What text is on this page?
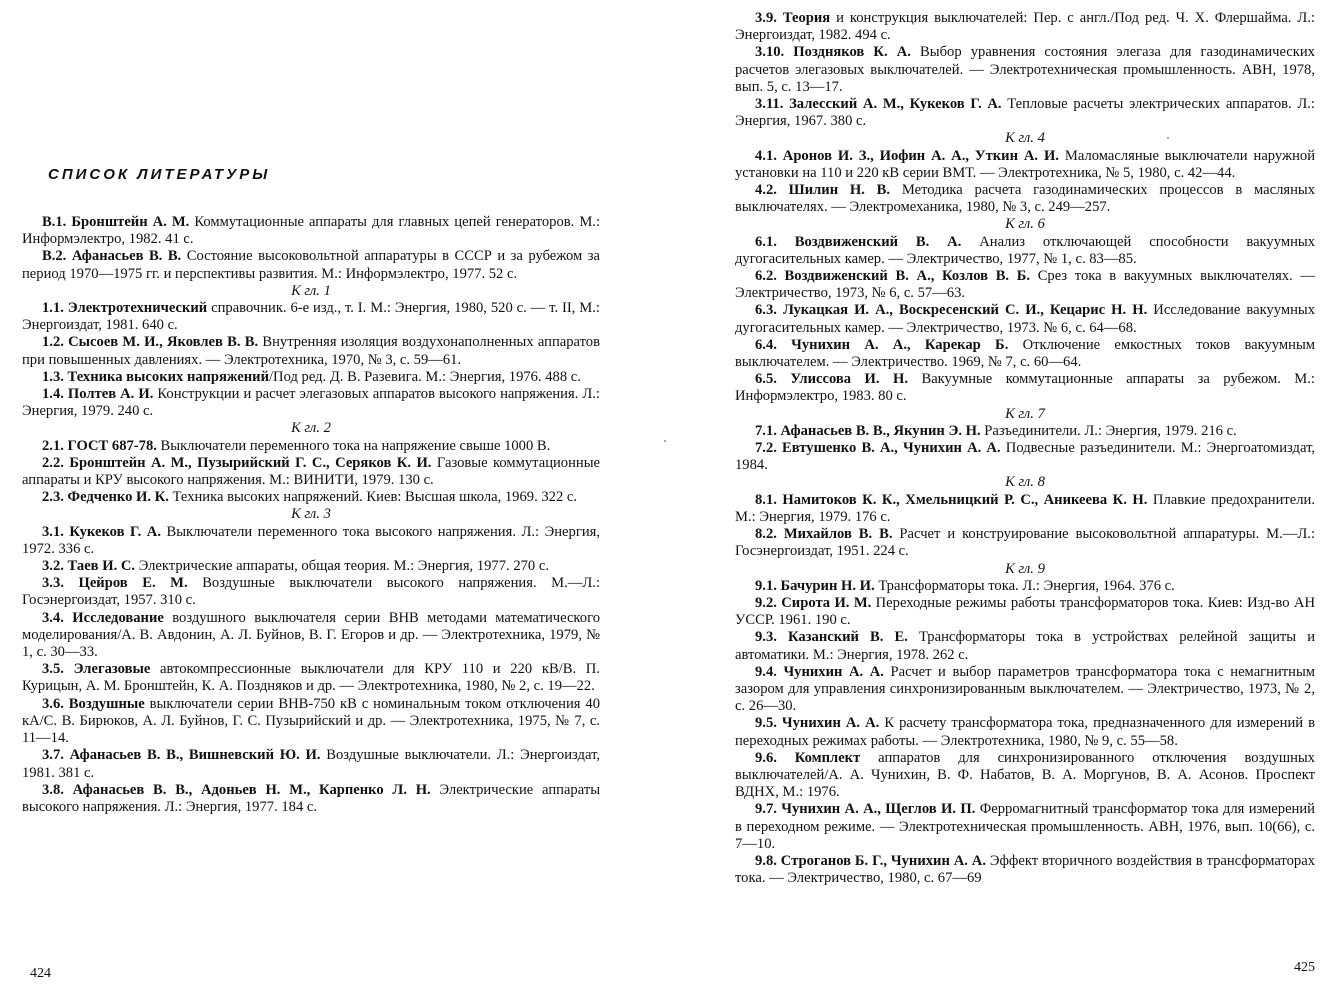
СПИСОК ЛИТЕРАТУРЫ

В.1. Бронштейн А. М. Коммутационные аппараты для главных цепей генераторов. М.: Информэлектро, 1982. 41 с.

В.2. Афанасьев В. В. Состояние высоковольтной аппаратуры в СССР и за рубежом за период 1970—1975 гг. и перспективы развития. М.: Информэлектро, 1977. 52 с.

К гл. 1

1.1. Электротехнический справочник. 6-е изд., т. I. М.: Энергия, 1980, 520 с. — т. II, М.: Энергоиздат, 1981. 640 с.

1.2. Сысоев М. И., Яковлев В. В. Внутренняя изоляция воздухонаполненных аппаратов при повышенных давлениях. — Электротехника, 1970, № 3, с. 59—61.

1.3. Техника высоких напряжений/Под ред. Д. В. Разевига. М.: Энергия, 1976. 488 с.

1.4. Полтев А. И. Конструкции и расчет элегазовых аппаратов высокого напряжения. Л.: Энергия, 1979. 240 с.

К гл. 2

2.1. ГОСТ 687-78. Выключатели переменного тока на напряжение свыше 1000 В.

2.2. Бронштейн А. М., Пузырийский Г. С., Серяков К. И. Газовые коммутационные аппараты и КРУ высокого напряжения. М.: ВИНИТИ, 1979. 130 с.

2.3. Федченко И. К. Техника высоких напряжений. Киев: Высшая школа, 1969. 322 с.

К гл. 3

3.1. Кукеков Г. А. Выключатели переменного тока высокого напряжения. Л.: Энергия, 1972. 336 с.

3.2. Таев И. С. Электрические аппараты, общая теория. М.: Энергия, 1977. 270 с.

3.3. Цейров Е. М. Воздушные выключатели высокого напряжения. М.—Л.: Госэнергоиздат, 1957. 310 с.

3.4. Исследование воздушного выключателя серии ВНВ методами математического моделирования/А. В. Авдонин, А. Л. Буйнов, В. Г. Егоров и др. — Электротехника, 1979, № 1, с. 30—33.

3.5. Элегазовые автокомпрессионные выключатели для КРУ 110 и 220 кВ/В. П. Курицын, А. М. Бронштейн, К. А. Поздняков и др. — Электротехника, 1980, № 2, с. 19—22.

3.6. Воздушные выключатели серии ВНВ-750 кВ с номинальным током отключения 40 кА/С. В. Бирюков, А. Л. Буйнов, Г. С. Пузырийский и др. — Электротехника, 1975, № 7, с. 11—14.

3.7. Афанасьев В. В., Вишневский Ю. И. Воздушные выключатели. Л.: Энергоиздат, 1981. 381 с.

3.8. Афанасьев В. В., Адоньев Н. М., Карпенко Л. Н. Электрические аппараты высокого напряжения. Л.: Энергия, 1977. 184 с.

424

3.9. Теория и конструкция выключателей: Пер. с англ./Под ред. Ч. Х. Флершайма. Л.: Энергоиздат, 1982. 494 с.

3.10. Поздняков К. А. Выбор уравнения состояния элегаза для газодинамических расчетов элегазовых выключателей. — Электротехническая промышленность. АВН, 1978, вып. 5, с. 13—17.

3.11. Залесский А. М., Кукеков Г. А. Тепловые расчеты электрических аппаратов. Л.: Энергия, 1967. 380 с.

К гл. 4

4.1. Аронов И. З., Иофин А. А., Уткин А. И. Маломасляные выключатели наружной установки на 110 и 220 кВ серии ВМТ. — Электротехника, № 5, 1980, с. 42—44.

4.2. Шилин Н. В. Методика расчета газодинамических процессов в масляных выключателях. — Электромеханика, 1980, № 3, с. 249—257.

К гл. 6

6.1. Воздвиженский В. А. Анализ отключающей способности вакуумных дугогасительных камер. — Электричество, 1977, № 1, с. 83—85.

6.2. Воздвиженский В. А., Козлов В. Б. Срез тока в вакуумных выключателях. — Электричество, 1973, № 6, с. 57—63.

6.3. Лукацкая И. А., Воскресенский С. И., Кецарис Н. Н. Исследование вакуумных дугогасительных камер. — Электричество, 1973. № 6, с. 64—68.

6.4. Чунихин А. А., Карекар Б. Отключение емкостных токов вакуумным выключателем. — Электричество. 1969, № 7, с. 60—64.

6.5. Улиссова И. Н. Вакуумные коммутационные аппараты за рубежом. М.: Информэлектро, 1983. 80 с.

К гл. 7

7.1. Афанасьев В. В., Якунин Э. Н. Разъединители. Л.: Энергия, 1979. 216 с.

7.2. Евтушенко В. А., Чунихин А. А. Подвесные разъединители. М.: Энергоатомиздат, 1984.

К гл. 8

8.1. Намитоков К. К., Хмельницкий Р. С., Аникеева К. Н. Плавкие предохранители. М.: Энергия, 1979. 176 с.

8.2. Михайлов В. В. Расчет и конструирование высоковольтной аппаратуры. М.—Л.: Госэнергоиздат, 1951. 224 с.

К гл. 9

9.1. Бачурин Н. И. Трансформаторы тока. Л.: Энергия, 1964. 376 с.

9.2. Сирота И. М. Переходные режимы работы трансформаторов тока. Киев: Изд-во АН УССР. 1961. 190 с.

9.3. Казанский В. Е. Трансформаторы тока в устройствах релейной защиты и автоматики. М.: Энергия, 1978. 262 с.

9.4. Чунихин А. А. Расчет и выбор параметров трансформатора тока с немагнитным зазором для управления синхронизированным выключателем. — Электричество, 1973, № 2, с. 26—30.

9.5. Чунихин А. А. К расчету трансформатора тока, предназначенного для измерений в переходных режимах работы. — Электротехника, 1980, № 9, с. 55—58.

9.6. Комплект аппаратов для синхронизированного отключения воздушных выключателей/А. А. Чунихин, В. Ф. Набатов, В. А. Моргунов, В. А. Асонов. Проспект ВДНХ, М.: 1976.

9.7. Чунихин А. А., Щеглов И. П. Ферромагнитный трансформатор тока для измерений в переходном режиме. — Электротехническая промышленность. АВН, 1976, вып. 10(66), с. 7—10.

9.8. Строганов Б. Г., Чунихин А. А. Эффект вторичного воздействия в трансформаторах тока. — Электричество, 1980, с. 67—69

425
